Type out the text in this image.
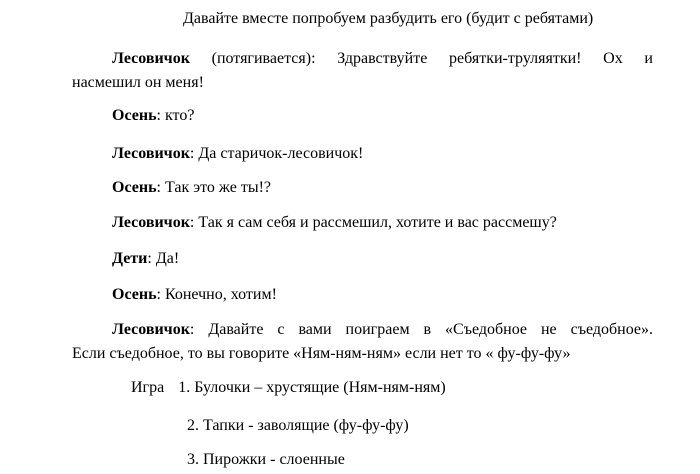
Давайте вместе попробуем разбудить его (будит с ребятами)
Лесовичок (потягивается): Здравствуйте ребятки-труляятки! Ох и
насмешил он меня!
Осень: кто?
Лесовичок: Да старичок-лесовичок!
Осень: Так это же ты!?
Лесовичок: Так я сам себя и рассмешил, хотите и вас рассмешу?
Дети: Да!
Осень: Конечно, хотим!
Лесовичок: Давайте с вами поиграем в «Съедобное не съедобное».
Если съедобное, то вы говорите «Ням-ням-ням» если нет то « фу-фу-фу»
Игра 1. Булочки – хрустящие (Ням-ням-ням)
2. Тапки - заволящие (фу-фу-фу)
3. Пирожки - слоенные
